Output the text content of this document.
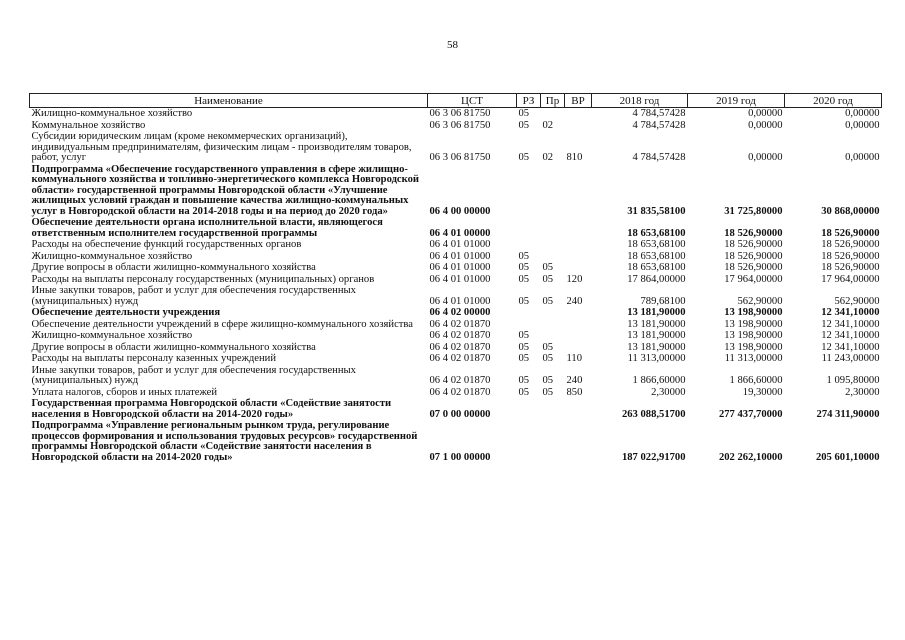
58
Наименование	ЦСТ	РЗ	Пр	ВР	2018 год	2019 год	2020 год
Жилищно-коммунальное хозяйство	06 3 06 81750	05			4 784,57428	0,00000	0,00000
Коммунальное хозяйство	06 3 06 81750	05	02		4 784,57428	0,00000	0,00000
Субсидии юридическим лицам (кроме некоммерческих организаций), индивидуальным предпринимателям, физическим лицам - производителям товаров, работ, услуг	06 3 06 81750	05	02	810	4 784,57428	0,00000	0,00000
Подпрограмма «Обеспечение государственного управления в сфере жилищно-коммунального хозяйства и топливно-энергетического комплекса Новгородской области» государственной программы Новгородской области «Улучшение жилищных условий граждан и повышение качества жилищно-коммунальных услуг в Новгородской области на 2014-2018 годы и на период до 2020 года»	06 4 00 00000				31 835,58100	31 725,80000	30 868,00000
Обеспечение деятельности органа исполнительной власти, являющегося ответственным исполнителем государственной программы	06 4 01 00000				18 653,68100	18 526,90000	18 526,90000
Расходы на обеспечение функций государственных органов	06 4 01 01000				18 653,68100	18 526,90000	18 526,90000
Жилищно-коммунальное хозяйство	06 4 01 01000	05			18 653,68100	18 526,90000	18 526,90000
Другие вопросы в области жилищно-коммунального хозяйства	06 4 01 01000	05	05		18 653,68100	18 526,90000	18 526,90000
Расходы на выплаты персоналу государственных (муниципальных) органов	06 4 01 01000	05	05	120	17 864,00000	17 964,00000	17 964,00000
Иные закупки товаров, работ и услуг для обеспечения государственных (муниципальных) нужд	06 4 01 01000	05	05	240	789,68100	562,90000	562,90000
Обеспечение деятельности учреждения	06 4 02 00000				13 181,90000	13 198,90000	12 341,10000
Обеспечение деятельности учреждений в сфере жилищно-коммунального хозяйства	06 4 02 01870				13 181,90000	13 198,90000	12 341,10000
Жилищно-коммунальное хозяйство	06 4 02 01870	05			13 181,90000	13 198,90000	12 341,10000
Другие вопросы в области жилищно-коммунального хозяйства	06 4 02 01870	05	05		13 181,90000	13 198,90000	12 341,10000
Расходы на выплаты персоналу казенных учреждений	06 4 02 01870	05	05	110	11 313,00000	11 313,00000	11 243,00000
Иные закупки товаров, работ и услуг для обеспечения государственных (муниципальных) нужд	06 4 02 01870	05	05	240	1 866,60000	1 866,60000	1 095,80000
Уплата налогов, сборов и иных платежей	06 4 02 01870	05	05	850	2,30000	19,30000	2,30000
Государственная программа Новгородской области «Содействие занятости населения в Новгородской области на 2014-2020 годы»	07 0 00 00000				263 088,51700	277 437,70000	274 311,90000
Подпрограмма «Управление региональным рынком труда, регулирование процессов формирования и использования трудовых ресурсов» государственной программы Новгородской области «Содействие занятости населения в Новгородской области на 2014-2020 годы»	07 1 00 00000				187 022,91700	202 262,10000	205 601,10000
